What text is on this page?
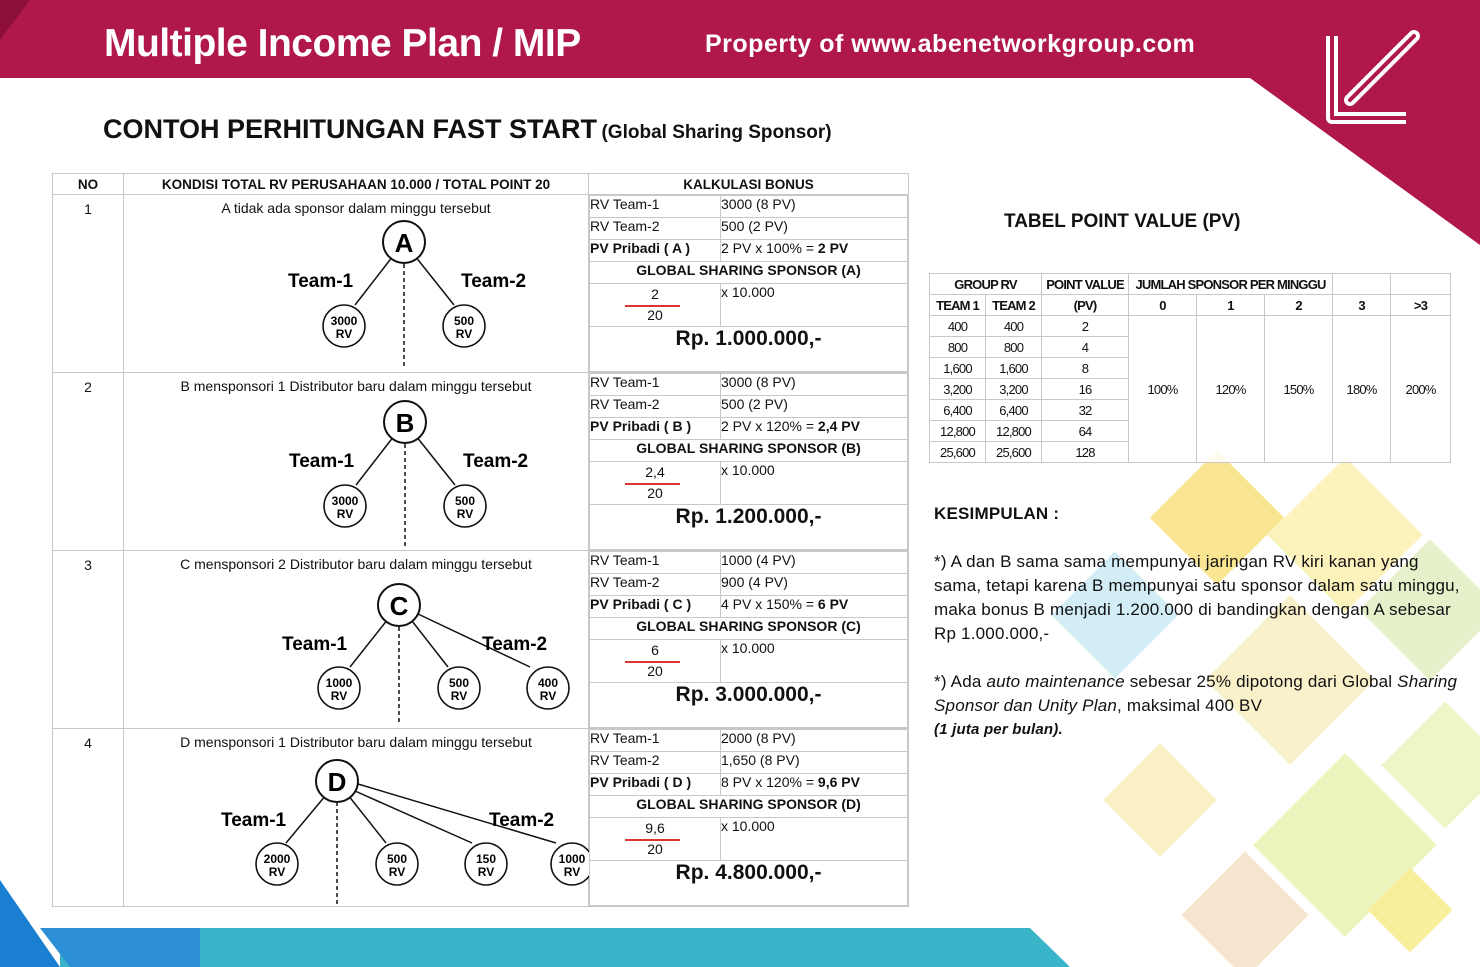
Multiple Income Plan / MIP	Property of www.abenetworkgroup.com
CONTOH PERHITUNGAN FAST START (Global Sharing Sponsor)
NO	KONDISI TOTAL RV PERUSAHAAN 10.000 / TOTAL POINT 20	KALKULASI BONUS
1	A tidak ada sponsor dalam minggu tersebut
A
Team-1	Team-2
3000
RV
500
RV

RV Team-1	3000 (8 PV)
RV Team-2	500 (2 PV)
PV Pribadi ( A )	2 PV x 100% = 2 PV
GLOBAL SHARING SPONSOR (A)

2
20
	x 10.000
Rp. 1.000.000,-

2	B mensponsori 1 Distributor baru dalam minggu tersebut
B
Team-1	Team-2
3000
RV
500
RV

RV Team-1	3000 (8 PV)
RV Team-2	500 (2 PV)
PV Pribadi ( B )	2 PV x 120% = 2,4 PV
GLOBAL SHARING SPONSOR (B)

2,4
20
	x 10.000
Rp. 1.200.000,-

3	C mensponsori 2 Distributor baru dalam minggu tersebut
C
Team-1	Team-2
1000
RV
500
RV
400
RV

RV Team-1	1000 (4 PV)
RV Team-2	900 (4 PV)
PV Pribadi ( C )	4 PV x 150% = 6 PV
GLOBAL SHARING SPONSOR (C)

6
20
	x 10.000
Rp. 3.000.000,-

4	D mensponsori 1 Distributor baru dalam minggu tersebut
D
Team-1	Team-2
2000
RV
500
RV
150
RV
1000
RV

RV Team-1	2000 (8 PV)
RV Team-2	1,650 (8 PV)
PV Pribadi ( D )	8 PV x 120% = 9,6 PV
GLOBAL SHARING SPONSOR (D)

9,6
20
	x 10.000
Rp. 4.800.000,-
TABEL POINT VALUE (PV)
GROUP RV		POINT VALUE	JUMLAH SPONSOR PER MINGGU				
TEAM 1	TEAM 2	(PV)	0	1	2	3	>3
400	400	2	100%	120%	150%	180%	200%
800	800	4					
1,600	1,600	8					
3,200	3,200	16					
6,400	6,400	32					
12,800	12,800	64					
25,600	25,600	128					

KESIMPULAN :

*) A dan B sama sama mempunyai jaringan RV kiri kanan yang sama, tetapi karena B mempunyai satu sponsor dalam satu minggu, maka bonus B menjadi 1.200.000 di bandingkan dengan A sebesar Rp 1.000.000,-

*) Ada auto maintenance sebesar 25% dipotong dari Global Sharing Sponsor dan Unity Plan, maksimal 400 BV

(1 juta per bulan).
